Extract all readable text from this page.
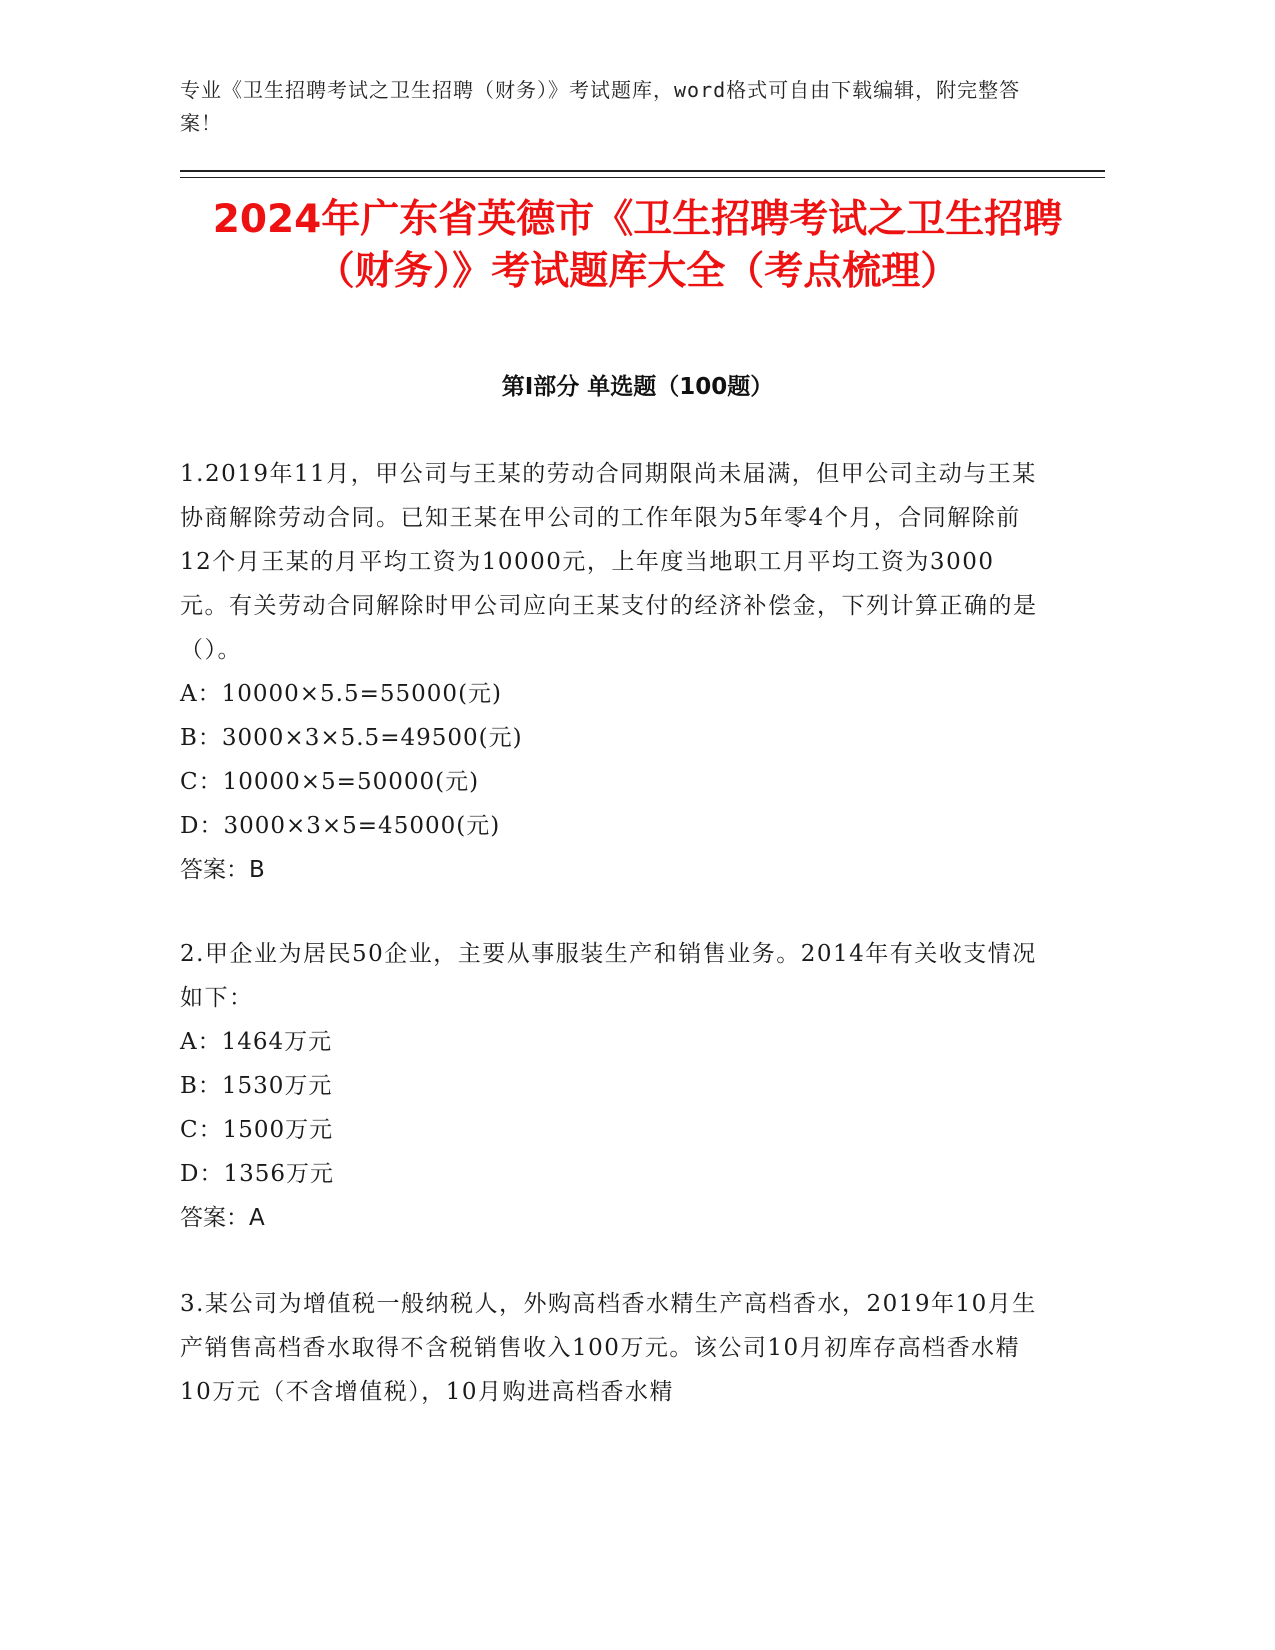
专业《卫生招聘考试之卫生招聘（财务）》考试题库，word格式可自由下载编辑，附完整答案！
2024年广东省英德市《卫生招聘考试之卫生招聘（财务）》考试题库大全（考点梳理）
第Ⅰ部分 单选题（100题）

1.2019年11月，甲公司与王某的劳动合同期限尚未届满，但甲公司主动与王某协商解除劳动合同。已知王某在甲公司的工作年限为5年零4个月，合同解除前12个月王某的月平均工资为10000元，上年度当地职工月平均工资为3000元。有关劳动合同解除时甲公司应向王某支付的经济补偿金，下列计算正确的是（）。

A：10000×5.5=55000(元)

B：3000×3×5.5=49500(元)

C：10000×5=50000(元)

D：3000×3×5=45000(元)

答案：B

2.甲企业为居民50企业，主要从事服装生产和销售业务。2014年有关收支情况如下：

A：1464万元

B：1530万元

C：1500万元

D：1356万元

答案：A

3.某公司为增值税一般纳税人，外购高档香水精生产高档香水，2019年10月生产销售高档香水取得不含税销售收入100万元。该公司10月初库存高档香水精10万元（不含增值税），10月购进高档香水精
